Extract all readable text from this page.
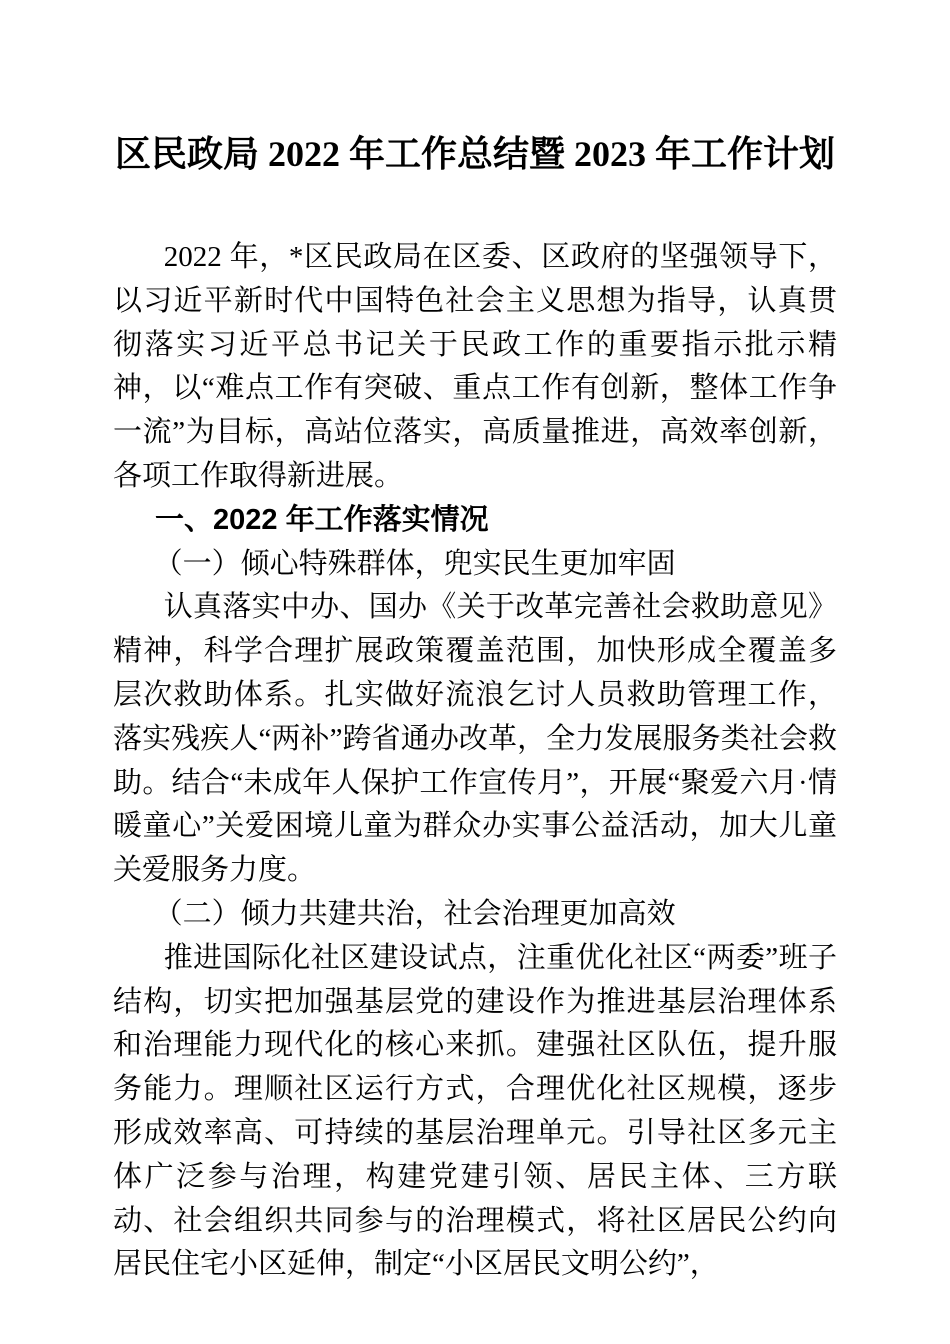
区民政局 2022 年工作总结暨 2023 年工作计划

2022 年，*区民政局在区委、区政府的坚强领导下，以习近平新时代中国特色社会主义思想为指导，认真贯彻落实习近平总书记关于民政工作的重要指示批示精神，以“难点工作有突破、重点工作有创新，整体工作争一流”为目标，高站位落实，高质量推进，高效率创新，各项工作取得新进展。

一、2022 年工作落实情况
（一）倾心特殊群体，兜实民生更加牢固

认真落实中办、国办《关于改革完善社会救助意见》精神，科学合理扩展政策覆盖范围，加快形成全覆盖多层次救助体系。扎实做好流浪乞讨人员救助管理工作，落实残疾人“两补”跨省通办改革，全力发展服务类社会救助。结合“未成年人保护工作宣传月”，开展“聚爱六月·情暖童心”关爱困境儿童为群众办实事公益活动，加大儿童关爱服务力度。

（二）倾力共建共治，社会治理更加高效

推进国际化社区建设试点，注重优化社区“两委”班子结构，切实把加强基层党的建设作为推进基层治理体系和治理能力现代化的核心来抓。建强社区队伍，提升服务能力。理顺社区运行方式，合理优化社区规模，逐步形成效率高、可持续的基层治理单元。引导社区多元主体广泛参与治理，构建党建引领、居民主体、三方联动、社会组织共同参与的治理模式，将社区居民公约向居民住宅小区延伸，制定“小区居民文明公约”，
